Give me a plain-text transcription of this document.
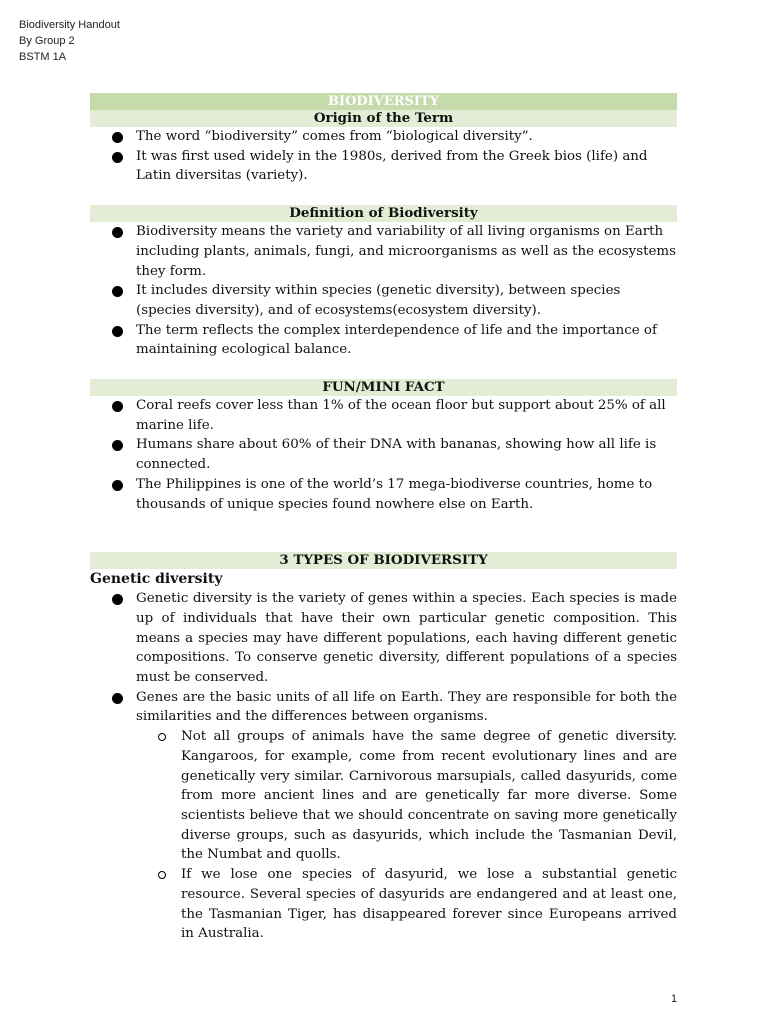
Biodiversity Handout
By Group 2
BSTM 1A
BIODIVERSITY
Origin of the Term
The word “biodiversity” comes from “biological diversity”.
It was first used widely in the 1980s, derived from the Greek bios (life) and Latin diversitas (variety).
Definition of Biodiversity
Biodiversity means the variety and variability of all living organisms on Earth including plants, animals, fungi, and microorganisms as well as the ecosystems they form.
It includes diversity within species (genetic diversity), between species (species diversity), and of ecosystems(ecosystem diversity).
The term reflects the complex interdependence of life and the importance of maintaining ecological balance.
FUN/MINI FACT
Coral reefs cover less than 1% of the ocean floor but support about 25% of all marine life.
Humans share about 60% of their DNA with bananas, showing how all life is connected.
The Philippines is one of the world’s 17 mega-biodiverse countries, home to thousands of unique species found nowhere else on Earth.
3 TYPES OF BIODIVERSITY
Genetic diversity
Genetic diversity is the variety of genes within a species. Each species is made up of individuals that have their own particular genetic composition. This means a species may have different populations, each having different genetic compositions. To conserve genetic diversity, different populations of a species must be conserved.
Genes are the basic units of all life on Earth. They are responsible for both the similarities and the differences between organisms.
Not all groups of animals have the same degree of genetic diversity. Kangaroos, for example, come from recent evolutionary lines and are genetically very similar. Carnivorous marsupials, called dasyurids, come from more ancient lines and are genetically far more diverse. Some scientists believe that we should concentrate on saving more genetically diverse groups, such as dasyurids, which include the Tasmanian Devil, the Numbat and quolls.
If we lose one species of dasyurid, we lose a substantial genetic resource. Several species of dasyurids are endangered and at least one, the Tasmanian Tiger, has disappeared forever since Europeans arrived in Australia.
1
